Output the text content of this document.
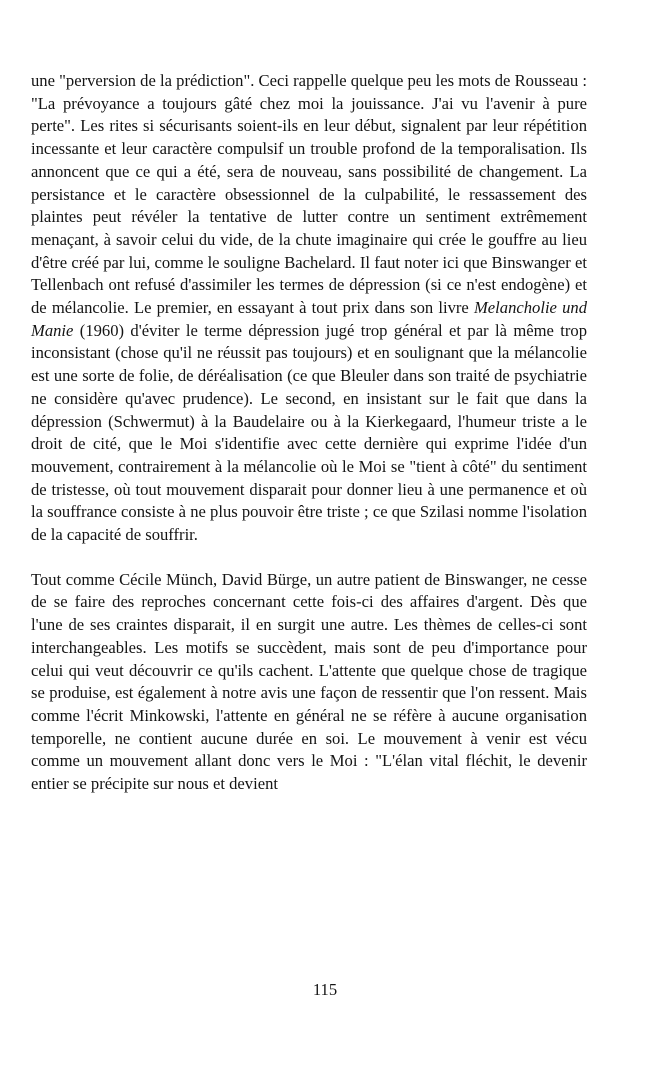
une "perversion de la prédiction". Ceci rappelle quelque peu les mots de Rousseau : "La prévoyance a toujours gâté chez moi la jouissance. J'ai vu l'avenir à pure perte". Les rites si sécurisants soient-ils en leur début, signalent par leur répétition incessante et leur caractère compulsif un trouble profond de la temporalisation. Ils annoncent que ce qui a été, sera de nouveau, sans possibilité de changement. La persistance et le caractère obsessionnel de la culpabilité, le ressassement des plaintes peut révéler la tentative de lutter contre un sentiment extrêmement menaçant, à savoir celui du vide, de la chute imaginaire qui crée le gouffre au lieu d'être créé par lui, comme le souligne Bachelard. Il faut noter ici que Binswanger et Tellenbach ont refusé d'assimiler les termes de dépression (si ce n'est endogène) et de mélancolie. Le premier, en essayant à tout prix dans son livre Melancholie und Manie (1960) d'éviter le terme dépression jugé trop général et par là même trop inconsistant (chose qu'il ne réussit pas toujours) et en soulignant que la mélancolie est une sorte de folie, de déréalisation (ce que Bleuler dans son traité de psychiatrie ne considère qu'avec prudence). Le second, en insistant sur le fait que dans la dépression (Schwermut) à la Baudelaire ou à la Kierkegaard, l'humeur triste a le droit de cité, que le Moi s'identifie avec cette dernière qui exprime l'idée d'un mouvement, contrairement à la mélancolie où le Moi se "tient à côté" du sentiment de tristesse, où tout mouvement disparait pour donner lieu à une permanence et où la souffrance consiste à ne plus pouvoir être triste ; ce que Szilasi nomme l'isolation de la capacité de souffrir.

Tout comme Cécile Münch, David Bürge, un autre patient de Binswanger, ne cesse de se faire des reproches concernant cette fois-ci des affaires d'argent. Dès que l'une de ses craintes disparait, il en surgit une autre. Les thèmes de celles-ci sont interchangeables. Les motifs se succèdent, mais sont de peu d'importance pour celui qui veut découvrir ce qu'ils cachent. L'attente que quelque chose de tragique se produise, est également à notre avis une façon de ressentir que l'on ressent. Mais comme l'écrit Minkowski, l'attente en général ne se réfère à aucune organisation temporelle, ne contient aucune durée en soi. Le mouvement à venir est vécu comme un mouvement allant donc vers le Moi : "L'élan vital fléchit, le devenir entier se précipite sur nous et devient

115
